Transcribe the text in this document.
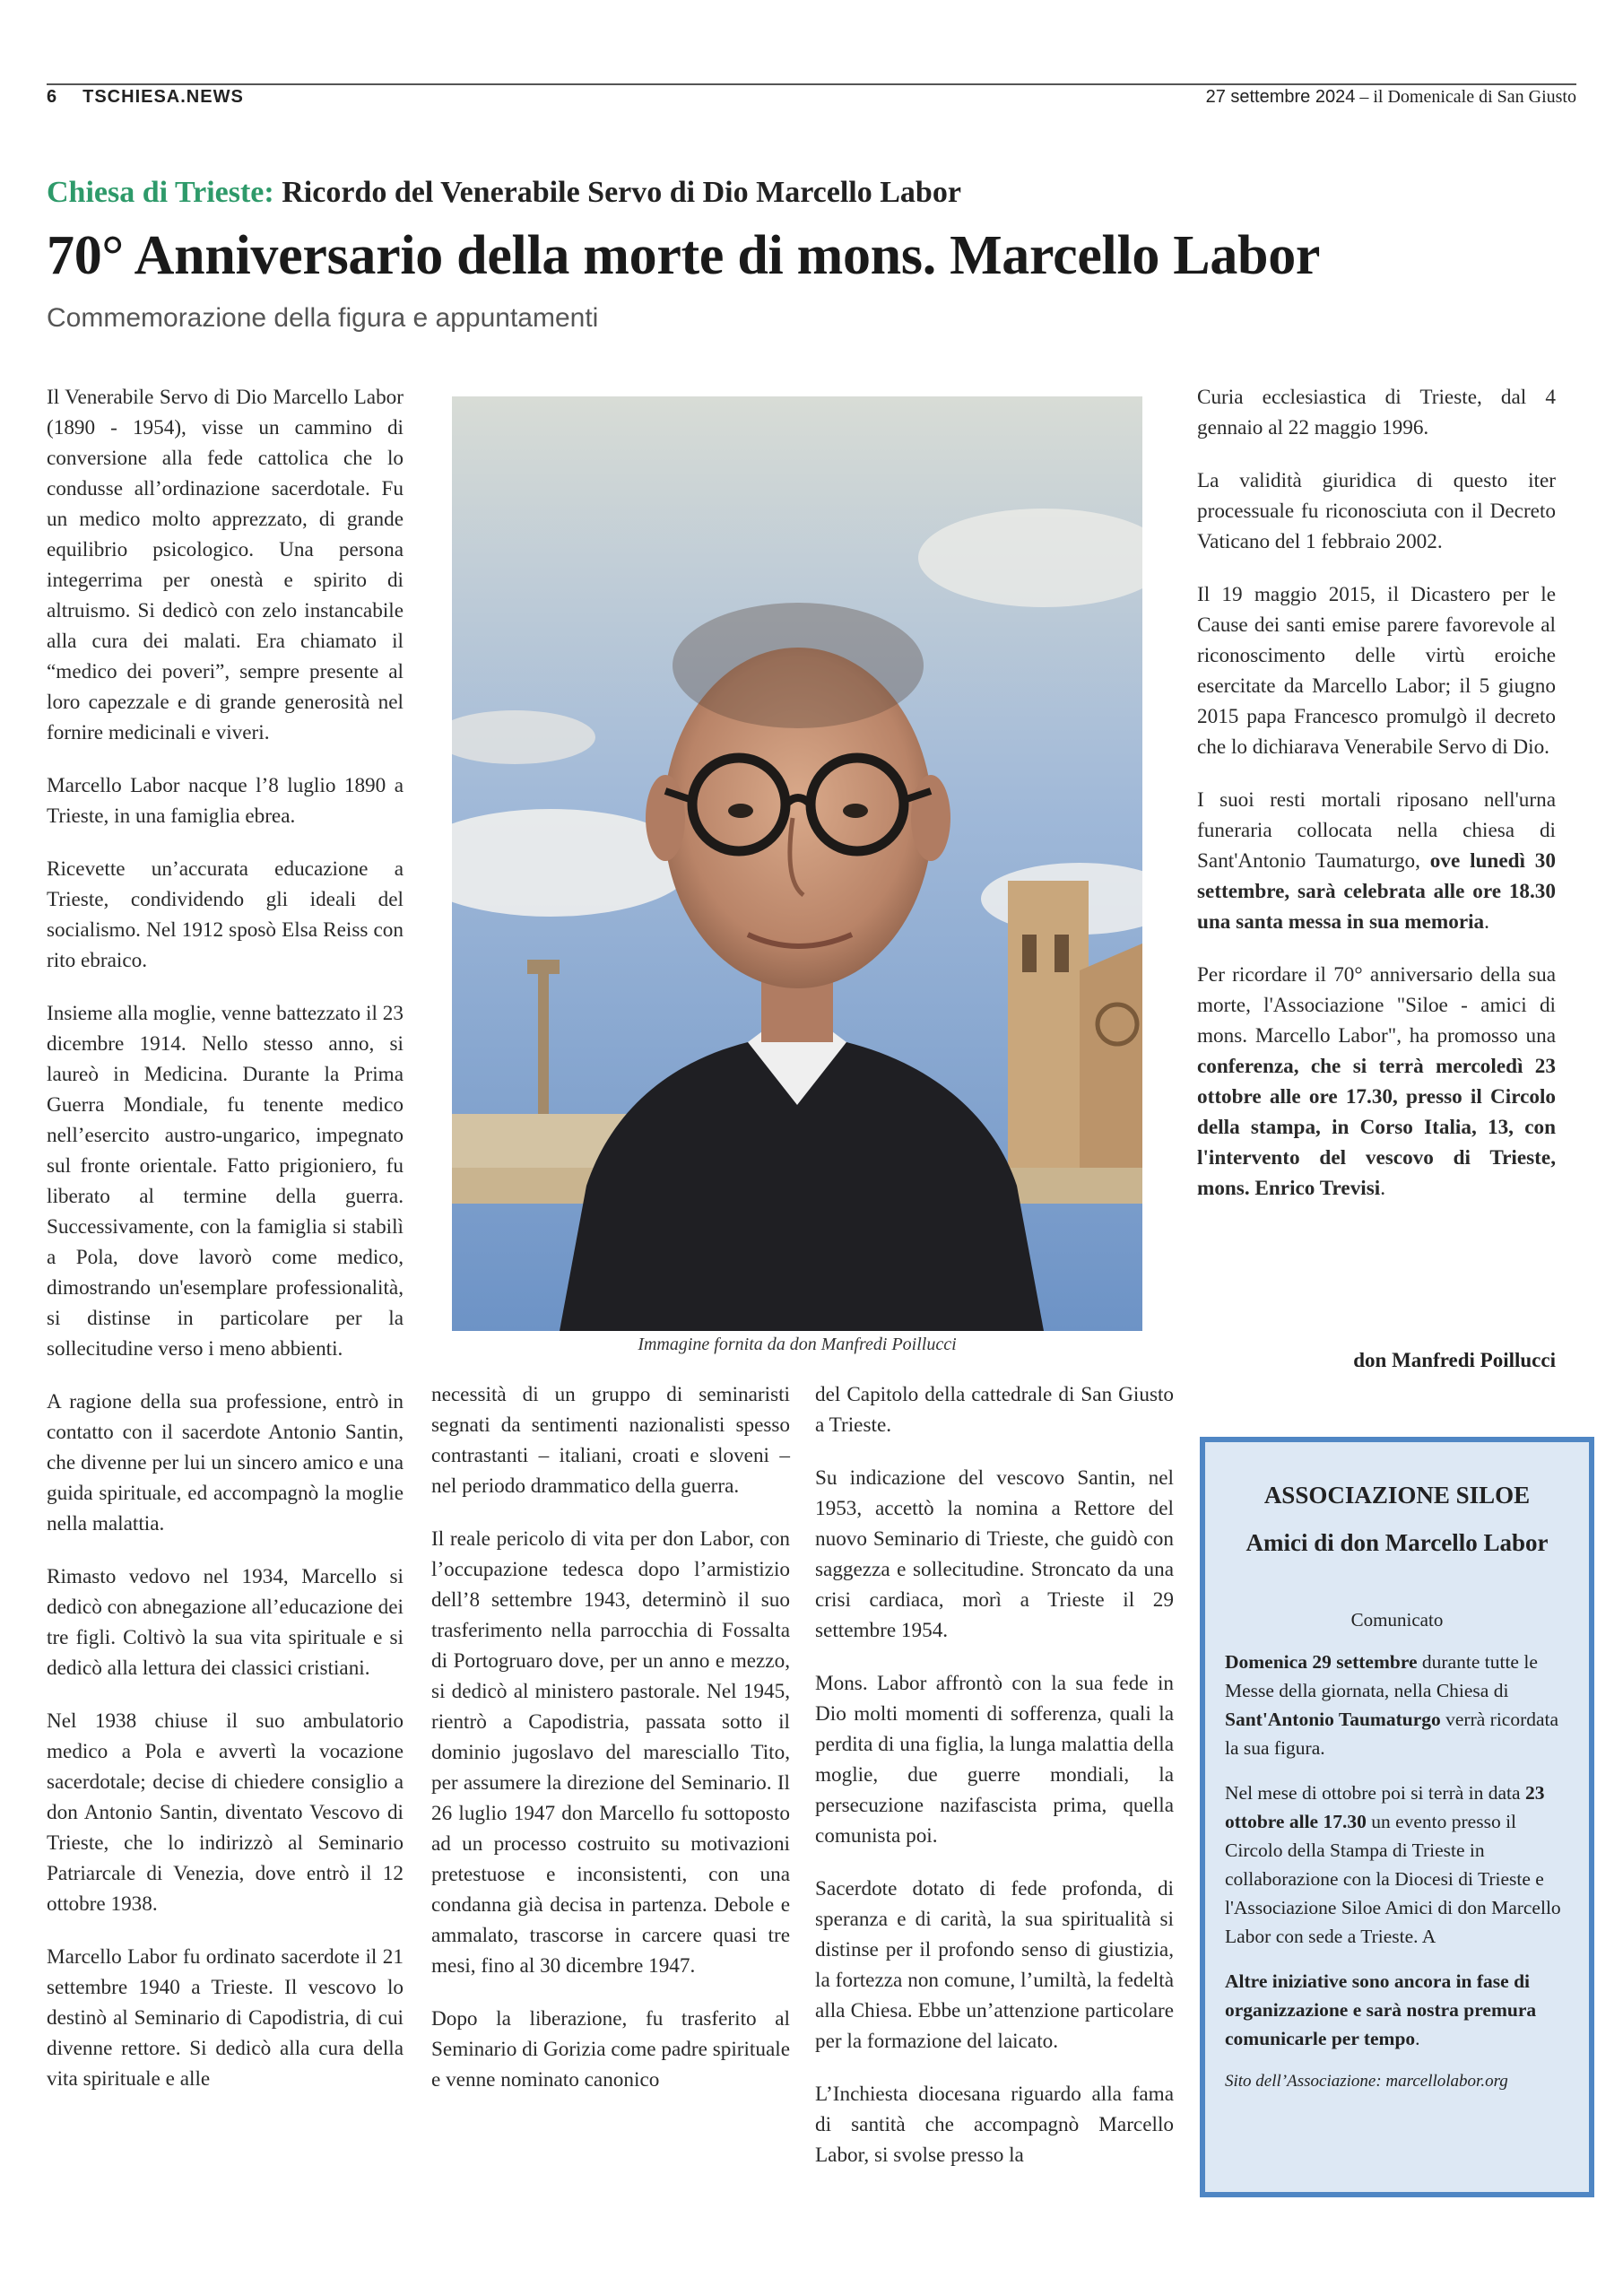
6 TSCHIESA.NEWS	27 settembre 2024 – il Domenicale di San Giusto
Chiesa di Trieste: Ricordo del Venerabile Servo di Dio Marcello Labor
70° Anniversario della morte di mons. Marcello Labor
Commemorazione della figura e appuntamenti

Il Venerabile Servo di Dio Marcello Labor (1890 - 1954), visse un cammino di conversione alla fede cattolica che lo condusse all’ordinazione sacerdotale. Fu un medico molto apprezzato, di grande equilibrio psicologico. Una persona integerrima per onestà e spirito di altruismo. Si dedicò con zelo instancabile alla cura dei malati. Era chiamato il “medico dei poveri”, sempre presente al loro capezzale e di grande generosità nel fornire medicinali e viveri.

Marcello Labor nacque l’8 luglio 1890 a Trieste, in una famiglia ebrea.

Ricevette un’accurata educazione a Trieste, condividendo gli ideali del socialismo. Nel 1912 sposò Elsa Reiss con rito ebraico.

Insieme alla moglie, venne battezzato il 23 dicembre 1914. Nello stesso anno, si laureò in Medicina. Durante la Prima Guerra Mondiale, fu tenente medico nell’esercito austro-ungarico, impegnato sul fronte orientale. Fatto prigioniero, fu liberato al termine della guerra. Successivamente, con la famiglia si stabilì a Pola, dove lavorò come medico, dimostrando un'esemplare professionalità, si distinse in particolare per la sollecitudine verso i meno abbienti.

A ragione della sua professione, entrò in contatto con il sacerdote Antonio Santin, che divenne per lui un sincero amico e una guida spirituale, ed accompagnò la moglie nella malattia.

Rimasto vedovo nel 1934, Marcello si dedicò con abnegazione all’educazione dei tre figli. Coltivò la sua vita spirituale e si dedicò alla lettura dei classici cristiani.

Nel 1938 chiuse il suo ambulatorio medico a Pola e avvertì la vocazione sacerdotale; decise di chiedere consiglio a don Antonio Santin, diventato Vescovo di Trieste, che lo indirizzò al Seminario Patriarcale di Venezia, dove entrò il 12 ottobre 1938.

Marcello Labor fu ordinato sacerdote il 21 settembre 1940 a Trieste. Il vescovo lo destinò al Seminario di Capodistria, di cui divenne rettore. Si dedicò alla cura della vita spirituale e alle

Immagine fornita da don Manfredi Poillucci

necessità di un gruppo di seminaristi segnati da sentimenti nazionalisti spesso contrastanti – italiani, croati e sloveni – nel periodo drammatico della guerra.

Il reale pericolo di vita per don Labor, con l’occupazione tedesca dopo l’armistizio dell’8 settembre 1943, determinò il suo trasferimento nella parrocchia di Fossalta di Portogruaro dove, per un anno e mezzo, si dedicò al ministero pastorale. Nel 1945, rientrò a Capodistria, passata sotto il dominio jugoslavo del maresciallo Tito, per assumere la direzione del Seminario. Il 26 luglio 1947 don Marcello fu sottoposto ad un processo costruito su motivazioni pretestuose e inconsistenti, con una condanna già decisa in partenza. Debole e ammalato, trascorse in carcere quasi tre mesi, fino al 30 dicembre 1947.

Dopo la liberazione, fu trasferito al Seminario di Gorizia come padre spirituale e venne nominato canonico

del Capitolo della cattedrale di San Giusto a Trieste.

Su indicazione del vescovo Santin, nel 1953, accettò la nomina a Rettore del nuovo Seminario di Trieste, che guidò con saggezza e sollecitudine. Stroncato da una crisi cardiaca, morì a Trieste il 29 settembre 1954.

Mons. Labor affrontò con la sua fede in Dio molti momenti di sofferenza, quali la perdita di una figlia, la lunga malattia della moglie, due guerre mondiali, la persecuzione nazifascista prima, quella comunista poi.

Sacerdote dotato di fede profonda, di speranza e di carità, la sua spiritualità si distinse per il profondo senso di giustizia, la fortezza non comune, l’umiltà, la fedeltà alla Chiesa. Ebbe un’attenzione particolare per la formazione del laicato.

L’Inchiesta diocesana riguardo alla fama di santità che accompagnò Marcello Labor, si svolse presso la

Curia ecclesiastica di Trieste, dal 4 gennaio al 22 maggio 1996.

La validità giuridica di questo iter processuale fu riconosciuta con il Decreto Vaticano del 1 febbraio 2002.

Il 19 maggio 2015, il Dicastero per le Cause dei santi emise parere favorevole al riconoscimento delle virtù eroiche esercitate da Marcello Labor; il 5 giugno 2015 papa Francesco promulgò il decreto che lo dichiarava Venerabile Servo di Dio.

I suoi resti mortali riposano nell'urna funeraria collocata nella chiesa di Sant'Antonio Taumaturgo, ove lunedì 30 settembre, sarà celebrata alle ore 18.30 una santa messa in sua memoria.

Per ricordare il 70° anniversario della sua morte, l'Associazione "Siloe - amici di mons. Marcello Labor", ha promosso una conferenza, che si terrà mercoledì 23 ottobre alle ore 17.30, presso il Circolo della stampa, in Corso Italia, 13, con l'intervento del vescovo di Trieste, mons. Enrico Trevisi.

don Manfredi Poillucci
ASSOCIAZIONE SILOE
Amici di don Marcello Labor
Comunicato

Domenica 29 settembre durante tutte le Messe della giornata, nella Chiesa di Sant'Antonio Taumaturgo verrà ricordata la sua figura.

Nel mese di ottobre poi si terrà in data 23 ottobre alle 17.30 un evento presso il Circolo della Stampa di Trieste in collaborazione con la Diocesi di Trieste e l'Associazione Siloe Amici di don Marcello Labor con sede a Trieste. A

Altre iniziative sono ancora in fase di organizzazione e sarà nostra premura comunicarle per tempo.

Sito dell’Associazione: marcellolabor.org
